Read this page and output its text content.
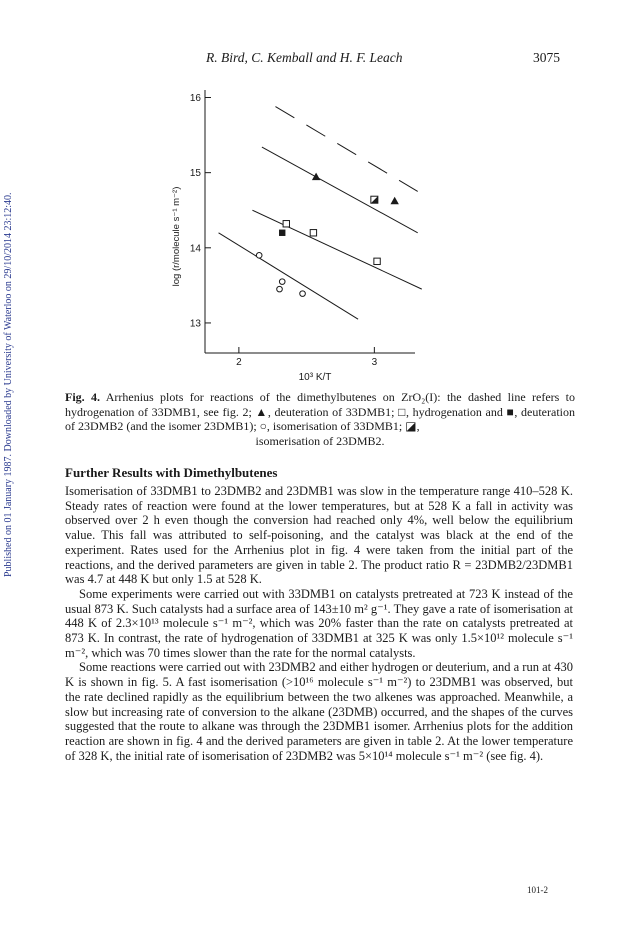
Published on 01 January 1987. Downloaded by University of Waterloo on 29/10/2014 23:12:40.
R. Bird, C. Kemball and H. F. Leach	3075
13
14
15
16
2	3
10³ K/T
log (r/molecule s⁻¹ m⁻²)
Fig. 4. Arrhenius plots for reactions of the dimethylbutenes on ZrO₂(I): the dashed line refers to hydrogenation of 33DMB1, see fig. 2; ▲, deuteration of 33DMB1; □, hydrogenation and ■, deuteration of 23DMB2 (and the isomer 23DMB1); ○, isomerisation of 33DMB1; ◪,
isomerisation of 23DMB2.
Further Results with Dimethylbutenes

Isomerisation of 33DMB1 to 23DMB2 and 23DMB1 was slow in the temperature range 410–528 K. Steady rates of reaction were found at the lower temperatures, but at 528 K a fall in activity was observed over 2 h even though the conversion had reached only 4%, well below the equilibrium value. This fall was attributed to self-poisoning, and the catalyst was black at the end of the experiment. Rates used for the Arrhenius plot in fig. 4 were taken from the initial part of the reactions, and the derived parameters are given in table 2. The product ratio R = 23DMB2/23DMB1 was 4.7 at 448 K but only 1.5 at 528 K.

Some experiments were carried out with 33DMB1 on catalysts pretreated at 723 K instead of the usual 873 K. Such catalysts had a surface area of 143±10 m² g⁻¹. They gave a rate of isomerisation at 448 K of 2.3×10¹³ molecule s⁻¹ m⁻², which was 20% faster than the rate on catalysts pretreated at 873 K. In contrast, the rate of hydrogenation of 33DMB1 at 325 K was only 1.5×10¹² molecule s⁻¹ m⁻², which was 70 times slower than the rate for the normal catalysts.

Some reactions were carried out with 23DMB2 and either hydrogen or deuterium, and a run at 430 K is shown in fig. 5. A fast isomerisation (>10¹⁶ molecule s⁻¹ m⁻²) to 23DMB1 was observed, but the rate declined rapidly as the equilibrium between the two alkenes was approached. Meanwhile, a slow but increasing rate of conversion to the alkane (23DMB) occurred, and the shapes of the curves suggested that the route to alkane was through the 23DMB1 isomer. Arrhenius plots for the addition reaction are shown in fig. 4 and the derived parameters are given in table 2. At the lower temperature of 328 K, the initial rate of isomerisation of 23DMB2 was 5×10¹⁴ molecule s⁻¹ m⁻² (see fig. 4).

101-2
